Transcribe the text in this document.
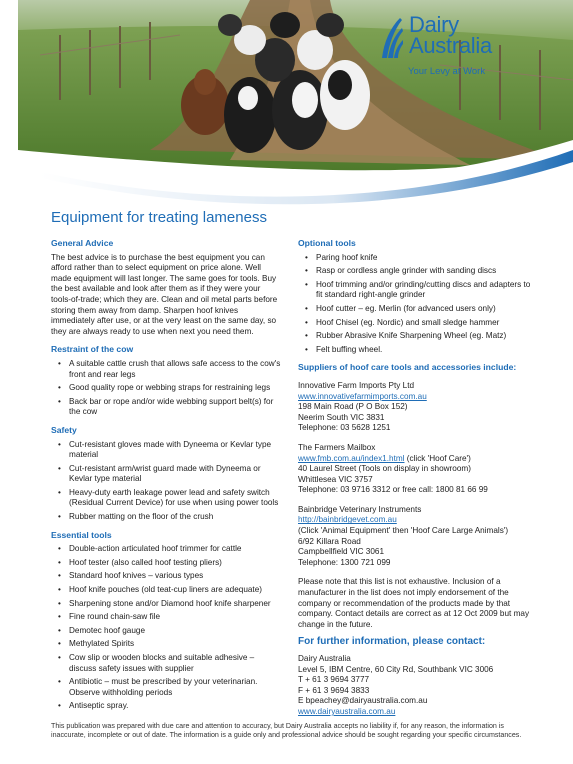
Dairy
Australia
Your Levy at Work
Equipment for treating lameness
General Advice

The best advice is to purchase the best equipment you can afford rather than to select equipment on price alone. Well made equipment will last longer. The same goes for tools. Buy the best available and look after them as if they were your tools-of-trade; which they are. Clean and oil metal parts before storing them away from damp. Sharpen hoof knives immediately after use, or at the very least on the same day, so they are always ready to use when next you need them.

Restraint of the cow
• A suitable cattle crush that allows safe access to the cow's front and rear legs
• Good quality rope or webbing straps for restraining legs
• Back bar or rope and/or wide webbing support belt(s) for the cow
Safety
• Cut-resistant gloves made with Dyneema or Kevlar type material
• Cut-resistant arm/wrist guard made with Dyneema or Kevlar type material
• Heavy-duty earth leakage power lead and safety switch (Residual Current Device) for use when using power tools
• Rubber matting on the floor of the crush
Essential tools
• Double-action articulated hoof trimmer for cattle
• Hoof tester (also called hoof testing pliers)
• Standard hoof knives – various types
• Hoof knife pouches (old teat-cup liners are adequate)
• Sharpening stone and/or Diamond hoof knife sharpener
• Fine round chain-saw file
• Demotec hoof gauge
• Methylated Spirits
• Cow slip or wooden blocks and suitable adhesive – discuss safety issues with supplier
• Antibiotic – must be prescribed by your veterinarian. Observe withholding periods
• Antiseptic spray.
Optional tools
• Paring hoof knife
• Rasp or cordless angle grinder with sanding discs
• Hoof trimming and/or grinding/cutting discs and adapters to fit standard right-angle grinder
• Hoof cutter – eg. Merlin (for advanced users only)
• Hoof Chisel (eg. Nordic) and small sledge hammer
• Rubber Abrasive Knife Sharpening Wheel (eg. Matz)
• Felt buffing wheel.
Suppliers of hoof care tools and accessories include:
Innovative Farm Imports Pty Ltd
www.innovativefarmimports.com.au
198 Main Road (P O Box 152)
Neerim South VIC 3831
Telephone: 03 5628 1251
The Farmers Mailbox
www.fmb.com.au/index1.html (click 'Hoof Care')
40 Laurel Street (Tools on display in showroom)
Whittlesea VIC 3757
Telephone: 03 9716 3312 or free call: 1800 81 66 99
Bainbridge Veterinary Instruments
http://bainbridgevet.com.au
(Click 'Animal Equipment' then 'Hoof Care Large Animals')
6/92 Killara Road
Campbellfield VIC 3061
Telephone: 1300 721 099

Please note that this list is not exhaustive. Inclusion of a manufacturer in the list does not imply endorsement of the company or recommendation of the products made by that company. Contact details are correct as at 12 Oct 2009 but may change in the future.

For further information, please contact:
Dairy Australia
Level 5, IBM Centre, 60 City Rd, Southbank VIC 3006
T + 61 3 9694 3777
F + 61 3 9694 3833
E bpeachey@dairyaustralia.com.au
www.dairyaustralia.com.au
This publication was prepared with due care and attention to accuracy, but Dairy Australia accepts no liability if, for any reason, the information is inaccurate, incomplete or out of date. The information is a guide only and professional advice should be sought regarding your specific circumstances.
